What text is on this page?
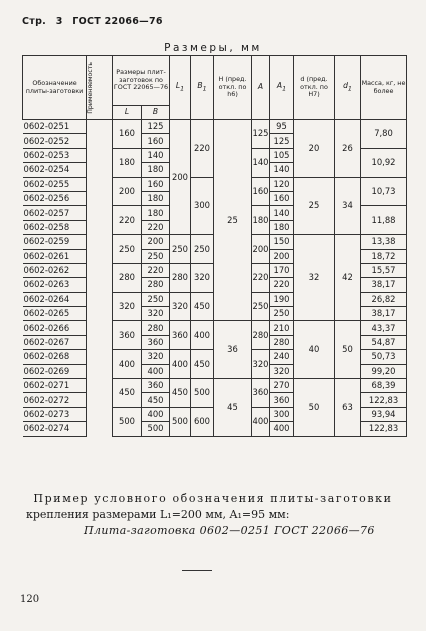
Стр. 3 ГОСТ 22066—76
Размеры, мм
Обозначение плиты-заготовки	Применяемость	Размеры плит-заготовок по ГОСТ 22065—76		$L_1$	$B_1$	H (пред. откл. по h6)	A	$A_1$	d (пред. откл. по H7)	$d_1$	Масса, кг, не более
		L	B								
0602-0251		160	125	200	220	25	125	95	20	26	7,80
0602-0252			160					125			
0602-0253		180	140				140	105			10,92
0602-0254			180					140			
0602-0255		200	160		300		160	120	25	34	10,73
0602-0256			180					160			
0602-0257		220	180				180	140			11,88
0602-0258			220					180			
0602-0259		250	200	250	250		200	150	32	42	13,38
0602-0261			250					200			18,72
0602-0262		280	220	280	320		220	170			15,57
0602-0263			280					220			38,17
0602-0264		320	250	320	450		250	190			26,82
0602-0265			320					250			38,17
0602-0266		360	280	360	400	36	280	210	40	50	43,37
0602-0267			360					280			54,87
0602-0268		400	320	400	450		320	240			50,73
0602-0269			400					320			99,20
0602-0271		450	360	450	500	45	360	270	50	63	68,39
0602-0272			450					360			122,83
0602-0273		500	400	500	600		400	300			93,94
0602-0274			500					400			122,83
Пример условного обозначения плиты-заготовки
крепления размерами L₁=200 мм, A₁=95 мм:
Плита-заготовка 0602—0251 ГОСТ 22066—76
120
